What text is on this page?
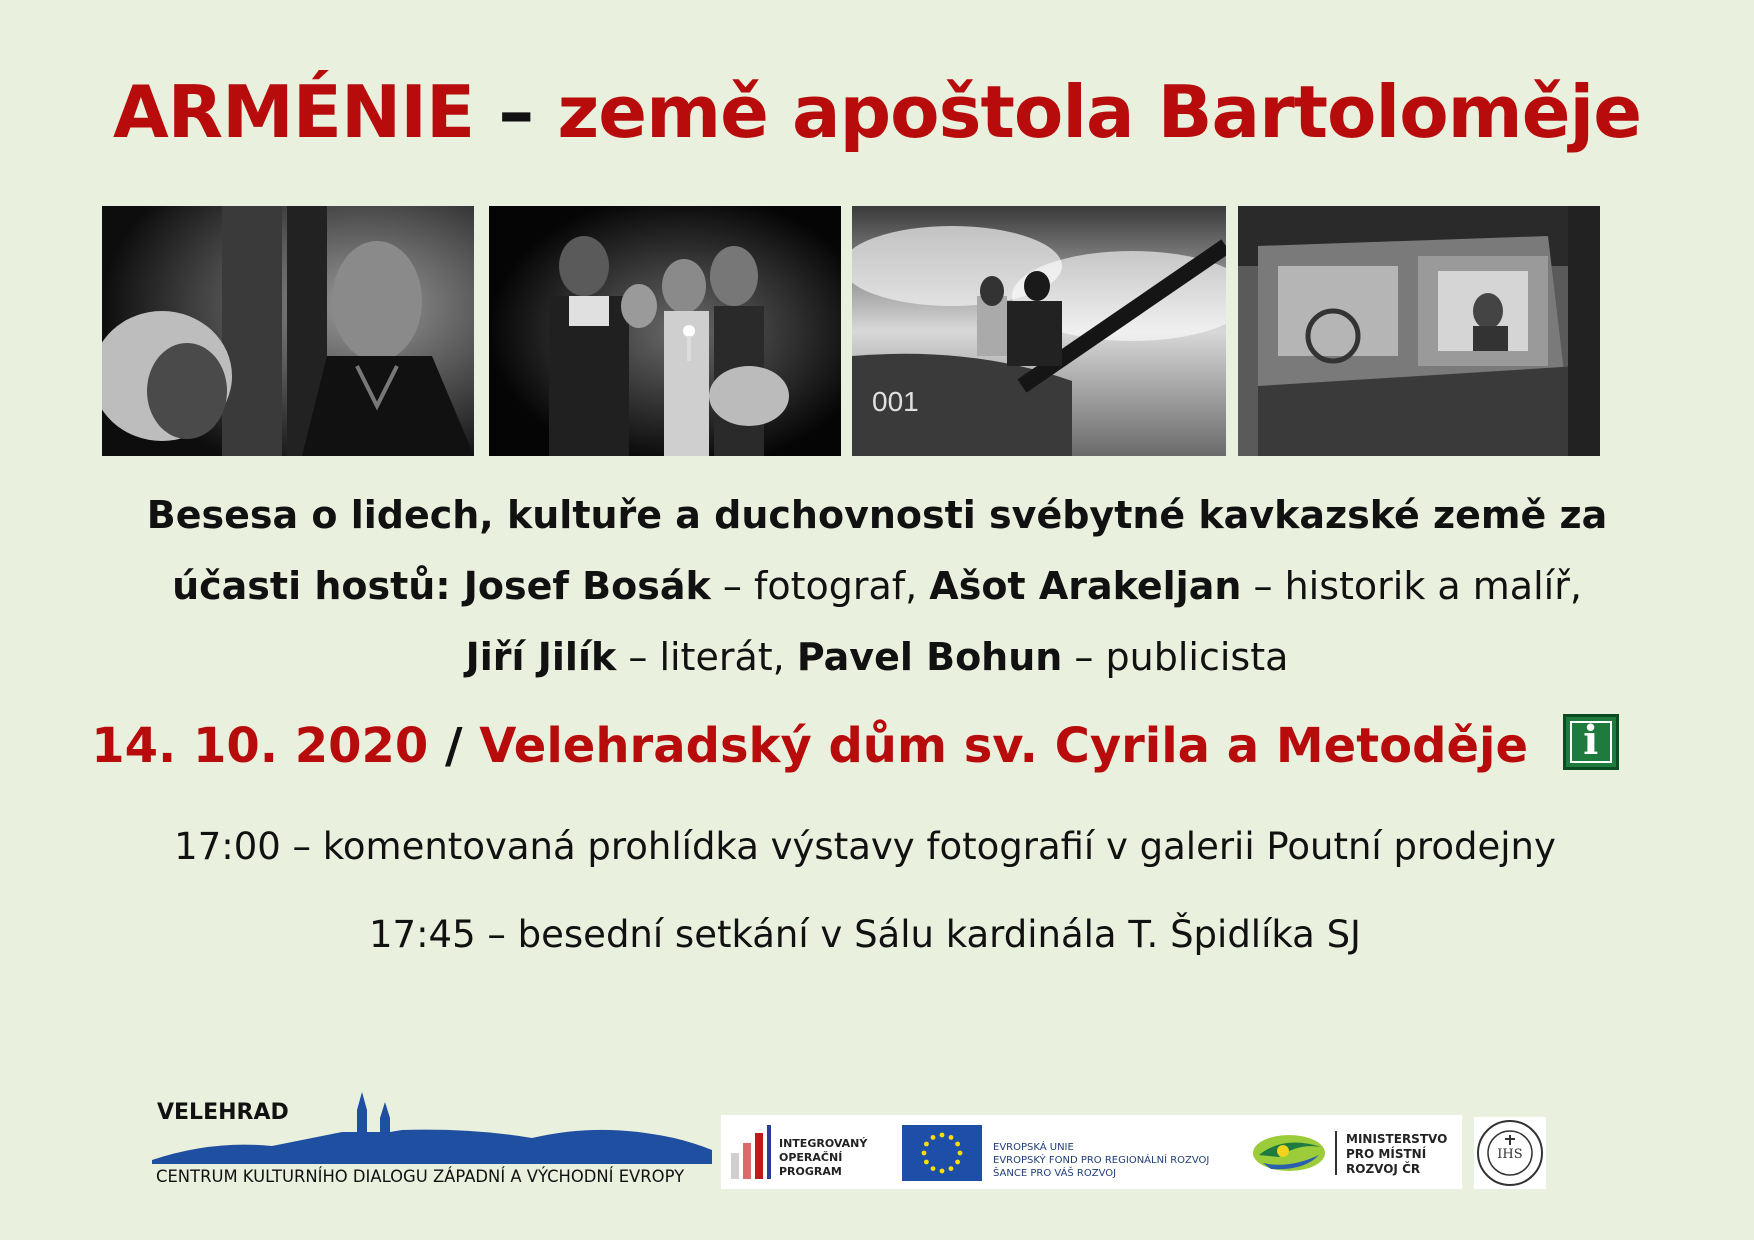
ARMÉNIE – země apoštola Bartoloměje
001
Besesa o lidech, kultuře a duchovnosti svébytné kavkazské země za
účasti hostů: Josef Bosák – fotograf, Ašot Arakeljan – historik a malíř,
Jiří Jilík – literát, Pavel Bohun – publicista
14. 10. 2020 / Velehradský dům sv. Cyrila a Metoděje	i
17:00 – komentovaná prohlídka výstavy fotografií v galerii Poutní prodejny
17:45 – besední setkání v Sálu kardinála T. Špidlíka SJ
VELEHRAD
CENTRUM KULTURNÍHO DIALOGU ZÁPADNÍ A VÝCHODNÍ EVROPY
INTEGROVANÝ
OPERAČNÍ
PROGRAM
EVROPSKÁ UNIE
EVROPSKÝ FOND PRO REGIONÁLNÍ ROZVOJ
ŠANCE PRO VÁŠ ROZVOJ
MINISTERSTVO
PRO MÍSTNÍ
ROZVOJ ČR
IHS
